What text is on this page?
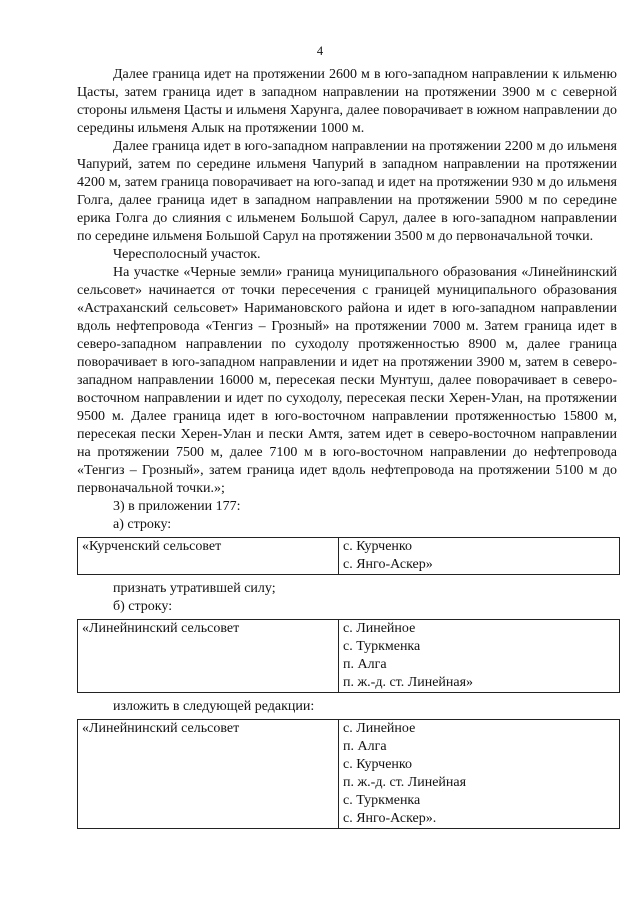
4

Далее граница идет на протяжении 2600 м в юго-западном направлении к ильменю Цасты, затем граница идет в западном направлении на протяжении 3900 м с северной стороны ильменя Цасты и ильменя Харунга, далее поворачивает в южном направлении до середины ильменя Алык на протяжении 1000 м.

Далее граница идет в юго-западном направлении на протяжении 2200 м до ильменя Чапурий, затем по середине ильменя Чапурий в западном направлении на протяжении 4200 м, затем граница поворачивает на юго-запад и идет на протяжении 930 м до ильменя Голга, далее граница идет в западном направлении на протяжении 5900 м по середине ерика Голга до слияния с ильменем Большой Сарул, далее в юго-западном направлении по середине ильменя Большой Сарул на протяжении 3500 м до первоначальной точки.

Чересполосный участок.

На участке «Черные земли» граница муниципального образования «Линейнинский сельсовет» начинается от точки пересечения с границей муниципального образования «Астраханский сельсовет» Наримановского района и идет в юго-западном направлении вдоль нефтепровода «Тенгиз – Грозный» на протяжении 7000 м. Затем граница идет в северо-западном направлении по суходолу протяженностью 8900 м, далее граница поворачивает в юго-западном направлении и идет на протяжении 3900 м, затем в северо-западном направлении 16000 м, пересекая пески Мунтуш, далее поворачивает в северо-восточном направлении и идет по суходолу, пересекая пески Херен-Улан, на протяжении 9500 м. Далее граница идет в юго-восточном направлении протяженностью 15800 м, пересекая пески Херен-Улан и пески Амтя, затем идет в северо-восточном направлении на протяжении 7500 м, далее 7100 м в юго-восточном направлении до нефтепровода «Тенгиз – Грозный», затем граница идет вдоль нефтепровода на протяжении 5100 м до первоначальной точки.»;

3) в приложении 177:

а) строку:

«Курченский сельсовет	с. Курченко
с. Янго-Аскер»

признать утратившей силу;

б) строку:

«Линейнинский сельсовет	с. Линейное
с. Туркменка
п. Алга
п. ж.-д. ст. Линейная»

изложить в следующей редакции:

«Линейнинский сельсовет	с. Линейное
п. Алга
с. Курченко
п. ж.-д. ст. Линейная
с. Туркменка
с. Янго-Аскер».
